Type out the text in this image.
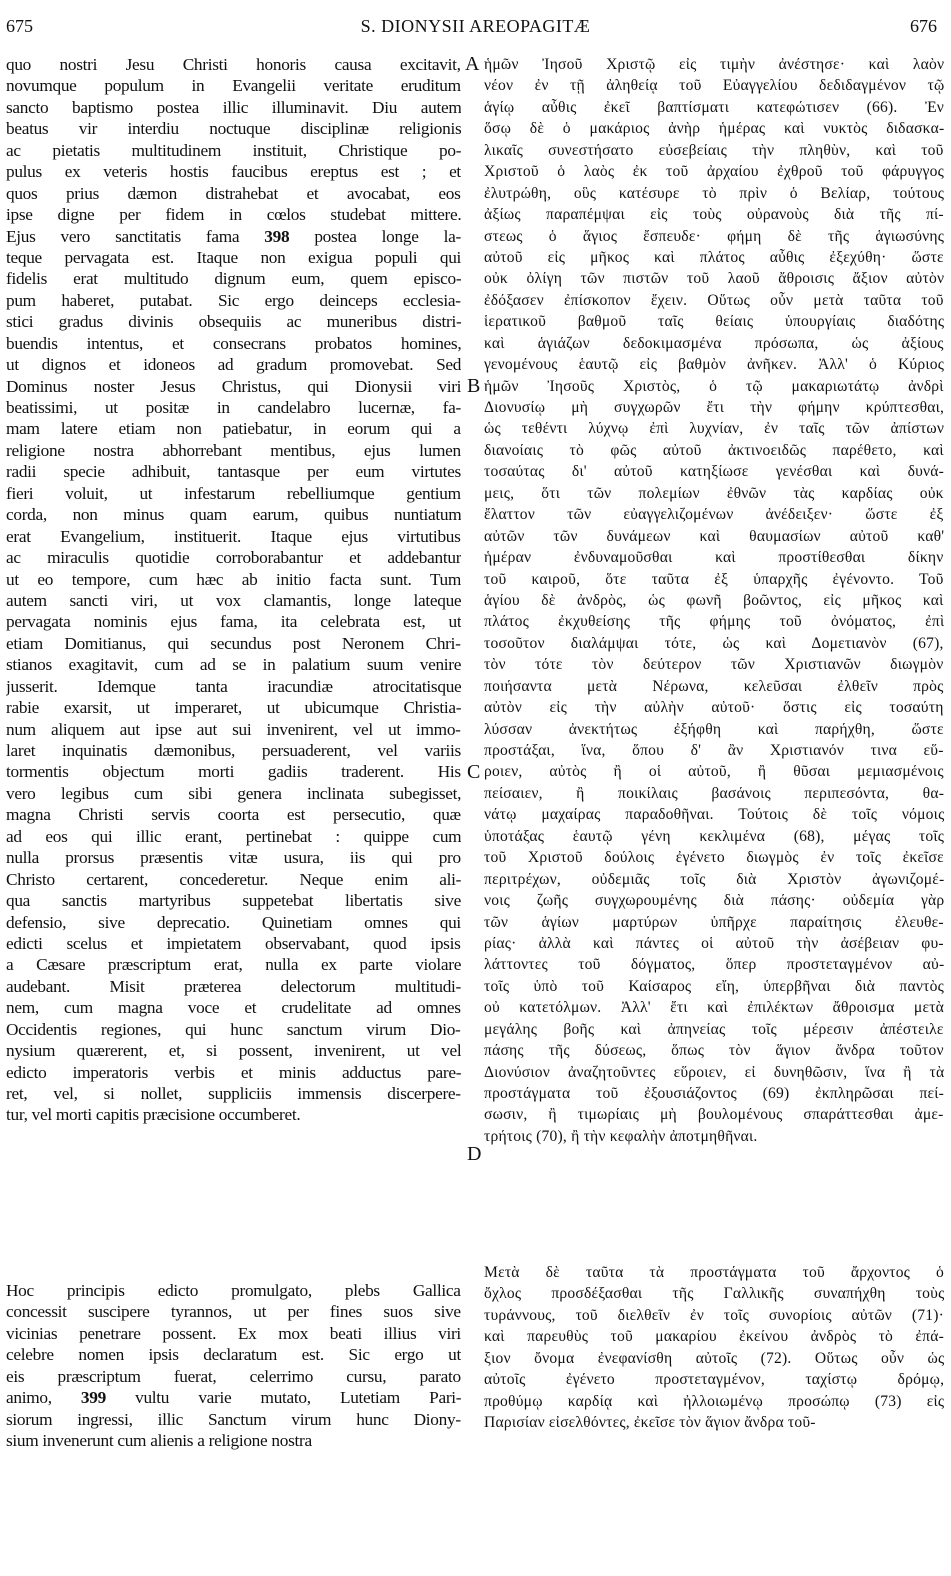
675	S. DIONYSII AREOPAGITÆ	676
A
B
C
D
quo nostri Jesu Christi honoris causa excitavit,
novumque populum in Evangelii veritate eruditum
sancto baptismo postea illic illuminavit. Diu autem
beatus vir interdiu noctuque disciplinæ religionis
ac pietatis multitudinem instituit, Christique po-
pulus ex veteris hostis faucibus ereptus est ; et
quos prius dæmon distrahebat et avocabat, eos
ipse digne per fidem in cœlos studebat mittere.
Ejus vero sanctitatis fama 398 postea longe la-
teque pervagata est. Itaque non exigua populi qui
fidelis erat multitudo dignum eum, quem episco-
pum haberet, putabat. Sic ergo deinceps ecclesia-
stici gradus divinis obsequiis ac muneribus distri-
buendis intentus, et consecrans probatos homines,
ut dignos et idoneos ad gradum promovebat. Sed
Dominus noster Jesus Christus, qui Dionysii viri
beatissimi, ut positæ in candelabro lucernæ, fa-
mam latere etiam non patiebatur, in eorum qui a
religione nostra abhorrebant mentibus, ejus lumen
radii specie adhibuit, tantasque per eum virtutes
fieri voluit, ut infestarum rebelliumque gentium
corda, non minus quam earum, quibus nuntiatum
erat Evangelium, instituerit. Itaque ejus virtutibus
ac miraculis quotidie corroborabantur et addebantur
ut eo tempore, cum hæc ab initio facta sunt. Tum
autem sancti viri, ut vox clamantis, longe lateque
pervagata nominis ejus fama, ita celebrata est, ut
etiam Domitianus, qui secundus post Neronem Chri-
stianos exagitavit, cum ad se in palatium suum venire
jusserit. Idemque tanta iracundiæ atrocitatisque
rabie exarsit, ut imperaret, ut ubicumque Christia-
num aliquem aut ipse aut sui invenirent, vel ut immo-
laret inquinatis dæmonibus, persuaderent, vel variis
tormentis objectum morti gadiis traderent. His
vero legibus cum sibi genera inclinata subegisset,
magna Christi servis coorta est persecutio, quæ
ad eos qui illic erant, pertinebat : quippe cum
nulla prorsus præsentis vitæ usura, iis qui pro
Christo certarent, concederetur. Neque enim ali-
qua sanctis martyribus suppetebat libertatis sive
defensio, sive deprecatio. Quinetiam omnes qui
edicti scelus et impietatem observabant, quod ipsis
a Cæsare præscriptum erat, nulla ex parte violare
audebant. Misit præterea delectorum multitudi-
nem, cum magna voce et crudelitate ad omnes
Occidentis regiones, qui hunc sanctum virum Dio-
nysium quærerent, et, si possent, invenirent, ut vel
edicto imperatoris verbis et minis adductus pare-
ret, vel, si nollet, suppliciis immensis discerpere-
tur, vel morti capitis præcisione occumberet.
Hoc principis edicto promulgato, plebs Gallica
concessit suscipere tyrannos, ut per fines suos sive
vicinias penetrare possent. Ex mox beati illius viri
celebre nomen ipsis declaratum est. Sic ergo ut
eis præscriptum fuerat, celerrimo cursu, parato
animo, 399 vultu varie mutato, Lutetiam Pari-
siorum ingressi, illic Sanctum virum hunc Diony-
sium invenerunt cum alienis a religione nostra
ἡμῶν Ἰησοῦ Χριστῷ εἰς τιμὴν ἀνέστησε· καὶ λαὸν
νέον ἐν τῇ ἀληθείᾳ τοῦ Εὐαγγελίου δεδιδαγμένον τῷ
ἁγίῳ αὖθις ἐκεῖ βαπτίσματι κατεφώτισεν (66). Ἐν
ὅσῳ δὲ ὁ μακάριος ἀνὴρ ἡμέρας καὶ νυκτὸς διδασκα-
λικαῖς συνεστήσατο εὐσεβείαις τὴν πληθὺν, καὶ τοῦ
Χριστοῦ ὁ λαὸς ἐκ τοῦ ἀρχαίου ἐχθροῦ τοῦ φάρυγγος
ἐλυτρώθη, οὓς κατέσυρε τὸ πρὶν ὁ Βελίαρ, τούτους
ἀξίως παραπέμψαι εἰς τοὺς οὐρανοὺς διὰ τῆς πί-
στεως ὁ ἅγιος ἔσπευδε· φήμη δὲ τῆς ἁγιωσύνης
αὐτοῦ εἰς μῆκος καὶ πλάτος αὖθις ἐξεχύθη· ὥστε
οὐκ ὀλίγη τῶν πιστῶν τοῦ λαοῦ ἄθροισις ἄξιον αὐτὸν
ἐδόξασεν ἐπίσκοπον ἔχειν. Οὕτως οὖν μετὰ ταῦτα τοῦ
ἱερατικοῦ βαθμοῦ ταῖς θείαις ὑπουργίαις διαδότης
καὶ ἁγιάζων δεδοκιμασμένα πρόσωπα, ὡς ἀξίους
γενομένους ἑαυτῷ εἰς βαθμὸν ἀνῆκεν. Ἀλλ' ὁ Κύριος
ἡμῶν Ἰησοῦς Χριστὸς, ὁ τῷ μακαριωτάτῳ ἀνδρὶ
Διονυσίῳ μὴ συγχωρῶν ἔτι τὴν φήμην κρύπτεσθαι,
ὡς τεθέντι λύχνῳ ἐπὶ λυχνίαν, ἐν ταῖς τῶν ἀπίστων
διανοίαις τὸ φῶς αὐτοῦ ἀκτινοειδῶς παρέθετο, καὶ
τοσαύτας δι' αὐτοῦ κατηξίωσε γενέσθαι καὶ δυνά-
μεις, ὅτι τῶν πολεμίων ἐθνῶν τὰς καρδίας οὐκ
ἔλαττον τῶν εὐαγγελιζομένων ἀνέδειξεν· ὥστε ἐξ
αὐτῶν τῶν δυνάμεων καὶ θαυμασίων αὐτοῦ καθ'
ἡμέραν ἐνδυναμοῦσθαι καὶ προστίθεσθαι δίκην
τοῦ καιροῦ, ὅτε ταῦτα ἐξ ὑπαρχῆς ἐγένοντο. Τοῦ
ἁγίου δὲ ἀνδρὸς, ὡς φωνῆ βοῶντος, εἰς μῆκος καὶ
πλάτος ἐκχυθείσης τῆς φήμης τοῦ ὀνόματος, ἐπὶ
τοσοῦτον διαλάμψαι τότε, ὡς καὶ Δομετιανὸν (67),
τὸν τότε τὸν δεύτερον τῶν Χριστιανῶν διωγμὸν
ποιήσαντα μετὰ Νέρωνα, κελεῦσαι ἐλθεῖν πρὸς
αὐτὸν εἰς τὴν αὐλὴν αὐτοῦ· ὅστις εἰς τοσαύτη
λύσσαν ἀνεκτήτως ἐξήφθη καὶ παρήχθη, ὥστε
προστάξαι, ἵνα, ὅπου δ' ἂν Χριστιανόν τινα εὕ-
ροιεν, αὐτὸς ἢ οἱ αὐτοῦ, ἢ θῦσαι μεμιασμένοις
πείσαιεν, ἢ ποικίλαις βασάνοις περιπεσόντα, θα-
νάτῳ μαχαίρας παραδοθῆναι. Τούτοις δὲ τοῖς νόμοις
ὑποτάξας ἑαυτῷ γένη κεκλιμένα (68), μέγας τοῖς
τοῦ Χριστοῦ δούλοις ἐγένετο διωγμὸς ἐν τοῖς ἐκεῖσε
περιτρέχων, οὐδεμιᾶς τοῖς διὰ Χριστὸν ἀγωνιζομέ-
νοις ζωῆς συγχωρουμένης διὰ πάσης· οὐδεμία γὰρ
τῶν ἁγίων μαρτύρων ὑπῆρχε παραίτησις ἐλευθε-
ρίας· ἀλλὰ καὶ πάντες οἱ αὐτοῦ τὴν ἀσέβειαν φυ-
λάττοντες τοῦ δόγματος, ὅπερ προστεταγμένον αὐ-
τοῖς ὑπὸ τοῦ Καίσαρος εἴη, ὑπερβῆναι διὰ παντὸς
οὐ κατετόλμων. Ἀλλ' ἔτι καὶ ἐπιλέκτων ἄθροισμα μετὰ
μεγάλης βοῆς καὶ ἀπηνείας τοῖς μέρεσιν ἀπέστειλε
πάσης τῆς δύσεως, ὅπως τὸν ἅγιον ἄνδρα τοῦτον
Διονύσιον ἀναζητοῦντες εὕροιεν, εἰ δυνηθῶσιν, ἵνα ἢ τὰ
προστάγματα τοῦ ἐξουσιάζοντος (69) ἐκπληρῶσαι πεί-
σωσιν, ἢ τιμωρίαις μὴ βουλομένους σπαράττεσθαι ἀμε-
τρήτοις (70), ἢ τὴν κεφαλὴν ἀποτμηθῆναι.
Μετὰ δὲ ταῦτα τὰ προστάγματα τοῦ ἄρχοντος ὁ
ὄχλος προσδέξασθαι τῆς Γαλλικῆς συναπήχθη τοὺς
τυράννους, τοῦ διελθεῖν ἐν τοῖς συνορίοις αὐτῶν (71)·
καὶ παρευθὺς τοῦ μακαρίου ἐκείνου ἀνδρὸς τὸ ἐπά-
ξιον ὄνομα ἐνεφανίσθη αὐτοῖς (72). Οὕτως οὖν ὡς
αὐτοῖς ἐγένετο προστεταγμένον, ταχίστῳ δρόμῳ,
προθύμῳ καρδίᾳ καὶ ἠλλοιωμένῳ προσώπῳ (73) εἰς
Παρισίαν εἰσελθόντες, ἐκεῖσε τὸν ἅγιον ἄνδρα τοῦ-
